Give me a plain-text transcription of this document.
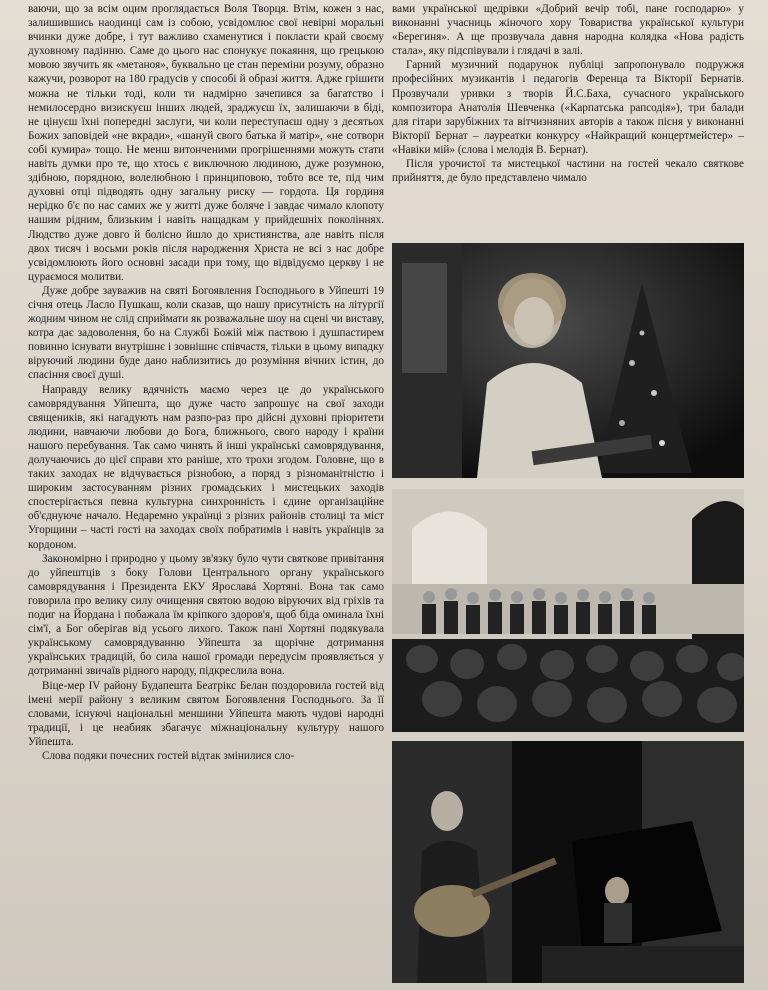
ваючи, що за всім оцим проглядається Воля Творця. Втім, кожен з нас, залишившись наодинці сам із собою, усвідомлює свої невірні моральні вчинки дуже добре, і тут важливо схаменутися і покласти край своєму духовному падінню. Саме до цього нас спонукує покаяння, що грецькою мовою звучить як «метаноя», буквально це стан переміни розуму, образно кажучи, розворот на 180 градусів у способі й образі життя. Адже грішити можна не тільки тоді, коли ти надмірно зачепився за багатство і немилосердно визискуєш інших людей, зраджуєш їх, залишаючи в біді, не цінуєш їхні попередні заслуги, чи коли переступаєш одну з десятьох Божих заповідей «не вкради», «шануй свого батька й матір», «не сотвори собі кумира» тощо. Не менш витонченими прогрішеннями можуть стати навіть думки про те, що хтось є виключною людиною, дуже розумною, здібною, порядною, волелюбною і принциповою, тобто все те, під чим духовні отці підводять одну загальну риску — гордота. Ця гординя нерідко б'є по нас самих же у житті дуже боляче і завдає чимало клопоту нашим рідним, близьким і навіть нащадкам у прийдешніх поколіннях. Людство дуже довго й болісно йшло до християнства, але навіть після двох тисяч і восьми років після народження Христа не всі з нас добре усвідомлюють його основні засади при тому, що відвідуємо церкву і не цураємося молитви.

Дуже добре зауважив на святі Богоявлення Господнього в Уйпешті 19 січня отець Ласло Пушкаш, коли сказав, що нашу присутність на літургії жодним чином не слід сприймати як розважальне шоу на сцені чи виставу, котра дає задоволення, бо на Службі Божій між паствою і душпастирем повинно існувати внутрішнє і зовнішнє співчастя, тільки в цьому випадку віруючий людини буде дано наблизитись до розуміння вічних істин, до спасіння своєї душі.

Направду велику вдячність маємо через це до українського самоврядування Уйпешта, що дуже часто запрошує на свої заходи священиків, які нагадують нам разпо-раз про дійсні духовні пріоритети людини, навчаючи любови до Бога, ближнього, свого народу і країни нашого перебування. Так само чинять й інші українські самоврядування, долучаючись до цієї справи хто раніше, хто трохи згодом. Головне, що в таких заходах не відчувається різнобою, а поряд з різноманітністю і широким застосуванням різних громадських і мистецьких заходів спостерігається певна культурна синхронність і єдине організаційне об'єднуюче начало. Недаремно українці з різних районів столиці та міст Угорщини – часті гості на заходах своїх побратимів і навіть українців за кордоном.

Закономірно і природно у цьому зв'язку було чути святкове привітання до уйпештців з боку Голови Центрального органу українського самоврядування і Президента ЕКУ Ярославá Хортяні. Вона так само говорила про велику силу очищення святою водою віруючих від гріхів та подиг на Йордана і побажала їм кріпкого здоров'я, щоб біда оминала їхні сім'ї, а Бог оберігав від усього лихого. Також пані Хортяні подякувала українському самоврядуванню Уйпешта за щорічне дотримання українських традицій, бо сила нашої громади передусім проявляється у дотриманні звичаїв рідного народу, підкреслила вона.

Віце-мер IV району Будапешта Беатрікс Белан поздоровила гостей від імені мерії району з великим святом Богоявлення Господнього. За її словами, існуючі національні меншини Уйпешта мають чудові народні традиції, і це неабияк збагачує міжнаціональну культуру нашого Уйпешта.

Слова подяки почесних гостей відтак змінилися сло-

вами української щедрівки «Добрий вечір тобі, пане господарю» у виконанні учасниць жіночого хору Товариства української культури «Берегиня». А ще прозвучала давня народна колядка «Нова радість стала», яку підспівували і глядачі в залі.

Гарний музичний подарунок публіці запропонувало подружжя професійних музикантів і педагогів Ференца та Вікторії Бернатів. Прозвучали уривки з творів Й.С.Баха, сучасного українського композитора Анатолія Шевченка («Карпатська рапсодія»), три балади для гітари зарубіжних та вітчизняних авторів а також пісня у виконанні Вікторії Бернат – лауреатки конкурсу «Найкращий концертмейстер» – «Навіки мій» (слова і мелодія В. Бернат).

Після урочистої та мистецької частини на гостей чекало святкове прийняття, де було представлено чимало
